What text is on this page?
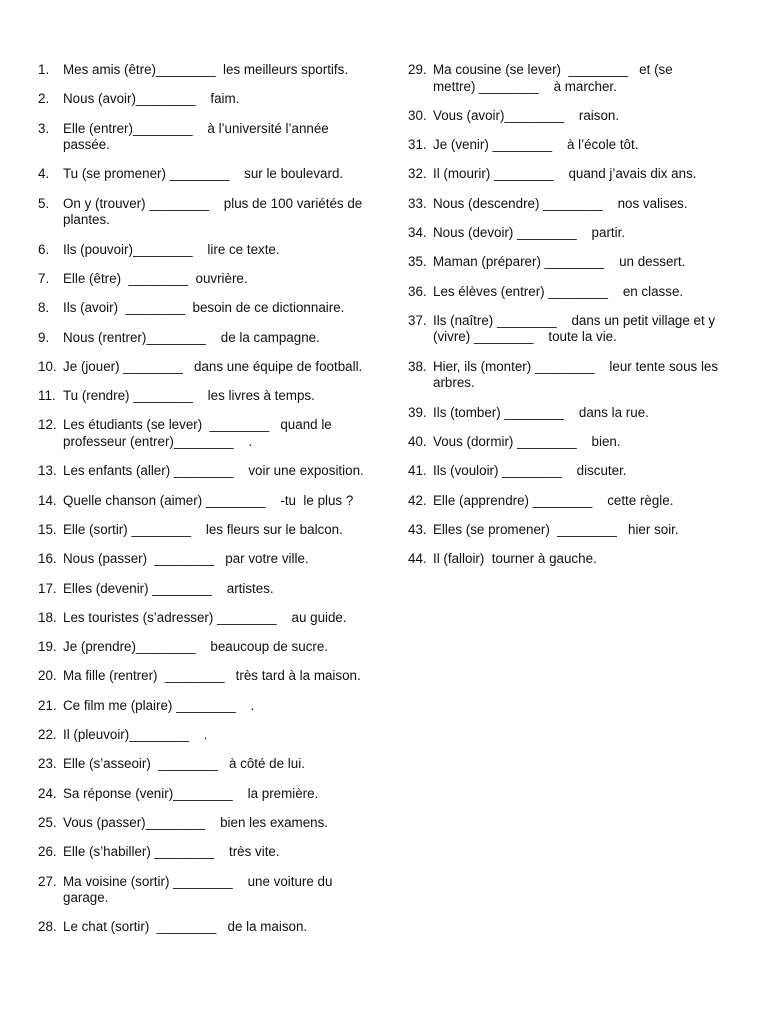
1.	Mes amis (être)________  les meilleurs sportifs.
2.	Nous (avoir)________    faim.
3.	Elle (entrer)________    à l’université l’année
passée.
4.	Tu (se promener) ________    sur le boulevard.
5.	On y (trouver) ________    plus de 100 variétés de
plantes.
6.	Ils (pouvoir)________    lire ce texte.
7.	Elle (être)  ________  ouvrière.
8.	Ils (avoir)  ________  besoin de ce dictionnaire.
9.	Nous (rentrer)________    de la campagne.
10. Je (jouer) ________   dans une équipe de football.
11. Tu (rendre) ________    les livres à temps.
12. Les étudiants (se lever)  ________   quand le
professeur (entrer)________    .
13. Les enfants (aller) ________    voir une exposition.
14. Quelle chanson (aimer) ________    -tu  le plus ?
15. Elle (sortir) ________    les fleurs sur le balcon.
16. Nous (passer)  ________   par votre ville.
17. Elles (devenir) ________    artistes.
18. Les touristes (s’adresser) ________    au guide.
19. Je (prendre)________    beaucoup de sucre.
20. Ma fille (rentrer)  ________   très tard à la maison.
21. Ce film me (plaire) ________    .
22. Il (pleuvoir)________    .
23. Elle (s’asseoir)  ________   à côté de lui.
24. Sa réponse (venir)________    la première.
25. Vous (passer)________    bien les examens.
26. Elle (s’habiller) ________    très vite.
27. Ma voisine (sortir) ________    une voiture du
garage.
28. Le chat (sortir)  ________   de la maison.
29. Ma cousine (se lever)  ________   et (se
mettre) ________    à marcher.
30. Vous (avoir)________    raison.
31. Je (venir) ________    à l’école tôt.
32. Il (mourir) ________    quand j’avais dix ans.
33. Nous (descendre) ________    nos valises.
34. Nous (devoir) ________    partir.
35. Maman (préparer) ________    un dessert.
36. Les élèves (entrer) ________    en classe.
37. Ils (naître) ________    dans un petit village et y
(vivre) ________    toute la vie.
38. Hier, ils (monter) ________    leur tente sous les
arbres.
39. Ils (tomber) ________    dans la rue.
40. Vous (dormir) ________    bien.
41. Ils (vouloir) ________    discuter.
42. Elle (apprendre) ________    cette règle.
43. Elles (se promener)  ________   hier soir.
44. Il (falloir)  tourner à gauche.
